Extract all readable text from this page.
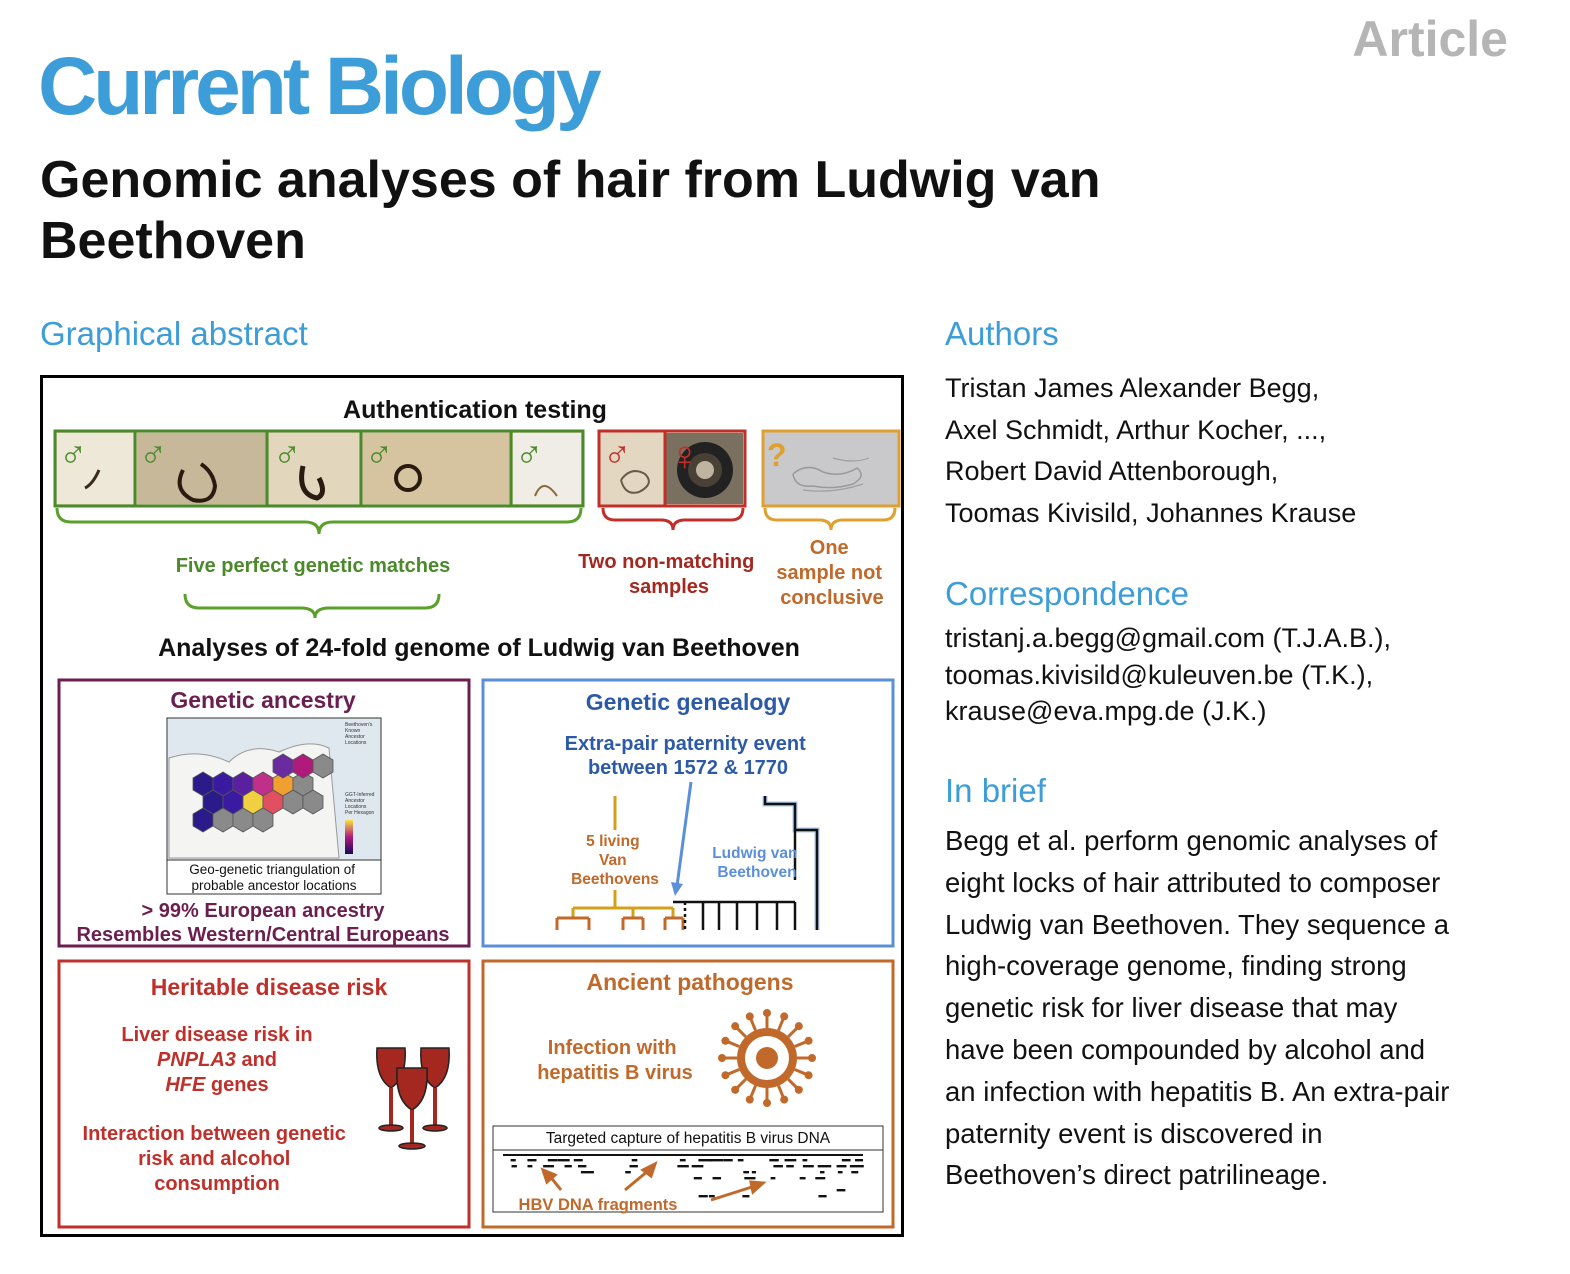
Article
Current Biology
Genomic analyses of hair from Ludwig van Beethoven
Graphical abstract
Authentication testing
♂ ♂	♂ ♂	♂ ♂ ♀ ?
Five perfect genetic matches	Two non-matching samples
One sample not conclusive
Analyses of 24-fold genome of Ludwig van Beethoven
Genetic ancestry
Beethoven's Known Ancestor Locations
GGT-Inferred Ancestor Locations Per Hexagon
Geo-genetic triangulation of probable ancestor locations
> 99% European ancestry
Resembles Western/Central Europeans
Genetic genealogy
Extra-pair paternity event between 1572 & 1770
5 living Van Beethovens
Ludwig van Beethoven
Heritable disease risk
Liver disease risk in
PNPLA3 and
HFE genes
Interaction between genetic risk and alcohol consumption
Ancient pathogens
Infection with hepatitis B virus
Targeted capture of hepatitis B virus DNA
HBV DNA fragments
Authors
Tristan James Alexander Begg,
Axel Schmidt, Arthur Kocher, ...,
Robert David Attenborough,
Toomas Kivisild, Johannes Krause
Correspondence
tristanj.a.begg@gmail.com (T.J.A.B.),
toomas.kivisild@kuleuven.be (T.K.),
krause@eva.mpg.de (J.K.)
In brief
Begg et al. perform genomic analyses of
eight locks of hair attributed to composer
Ludwig van Beethoven. They sequence a
high-coverage genome, finding strong
genetic risk for liver disease that may
have been compounded by alcohol and
an infection with hepatitis B. An extra-pair
paternity event is discovered in
Beethoven’s direct patrilineage.
